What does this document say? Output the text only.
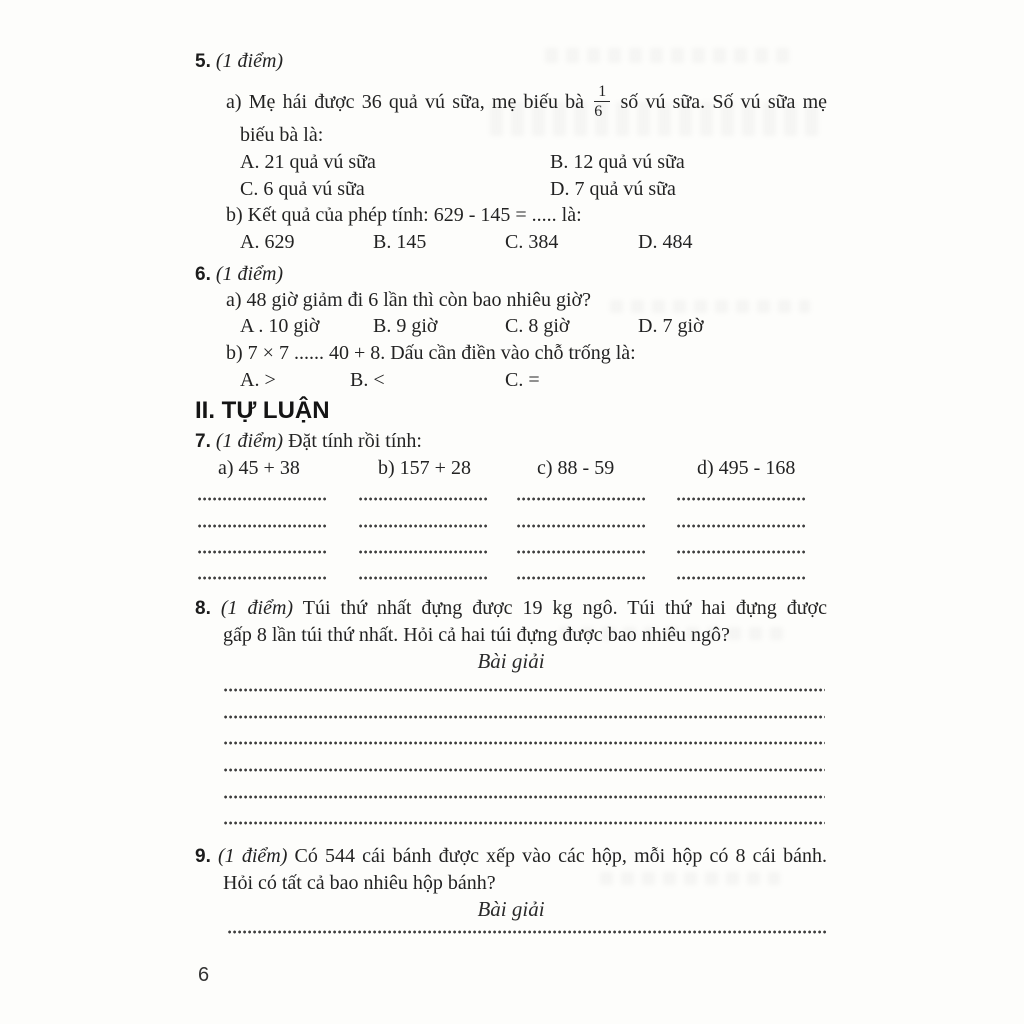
5. (1 điểm)
a) Mẹ hái được 36 quả vú sữa, mẹ biếu bà $\frac{1}{6}$ số vú sữa. Số vú sữa mẹ
biếu bà là:
A. 21 quả vú sữa	B. 12 quả vú sữa
C. 6 quả vú sữa	D. 7 quả vú sữa
b) Kết quả của phép tính: 629 - 145 = ..... là:
A. 629	B. 145	C. 384	D. 484
6. (1 điểm)
a) 48 giờ giảm đi 6 lần thì còn bao nhiêu giờ?
A . 10 giờ	B. 9 giờ	C. 8 giờ	D. 7 giờ
b) 7 × 7 ...... 40 + 8. Dấu cần điền vào chỗ trống là:
A. >	B. <	C. =
II. TỰ LUẬN
7. (1 điểm) Đặt tính rồi tính:
a) 45 + 38	b) 157 + 28	c) 88 - 59	d) 495 - 168
8. (1 điểm) Túi thứ nhất đựng được 19 kg ngô. Túi thứ hai đựng được
gấp 8 lần túi thứ nhất. Hỏi cả hai túi đựng được bao nhiêu ngô?
Bài giải
9. (1 điểm) Có 544 cái bánh được xếp vào các hộp, mỗi hộp có 8 cái bánh.
Hỏi có tất cả bao nhiêu hộp bánh?
Bài giải
6
